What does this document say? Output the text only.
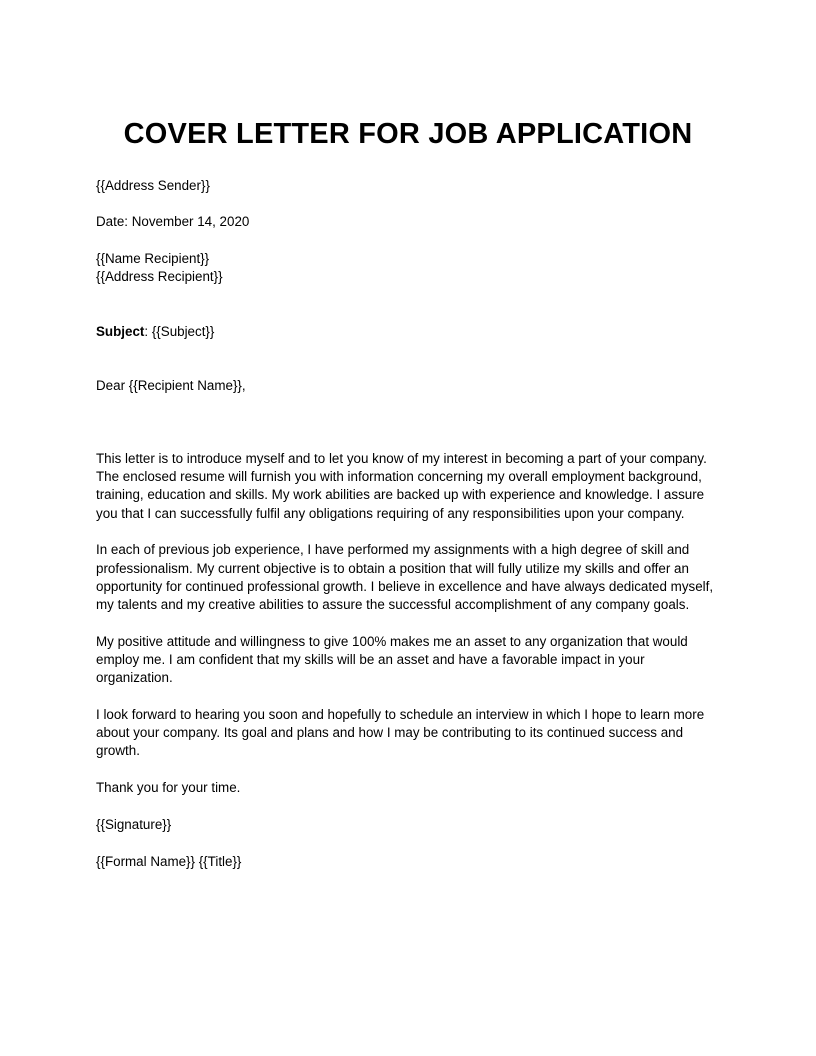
COVER LETTER FOR JOB APPLICATION

{{Address Sender}}

Date: November 14, 2020

{{Name Recipient}}

{{Address Recipient}}

Subject: {{Subject}}

Dear {{Recipient Name}},

This letter is to introduce myself and to let you know of my interest in becoming a part of your company. The enclosed resume will furnish you with information concerning my overall employment background, training, education and skills. My work abilities are backed up with experience and knowledge. I assure you that I can successfully fulfil any obligations requiring of any responsibilities upon your company.

In each of previous job experience, I have performed my assignments with a high degree of skill and professionalism. My current objective is to obtain a position that will fully utilize my skills and offer an opportunity for continued professional growth. I believe in excellence and have always dedicated myself, my talents and my creative abilities to assure the successful accomplishment of any company goals.

My positive attitude and willingness to give 100% makes me an asset to any organization that would employ me. I am confident that my skills will be an asset and have a favorable impact in your organization.

I look forward to hearing you soon and hopefully to schedule an interview in which I hope to learn more about your company. Its goal and plans and how I may be contributing to its continued success and growth.

Thank you for your time.

{{Signature}}

{{Formal Name}} {{Title}}
